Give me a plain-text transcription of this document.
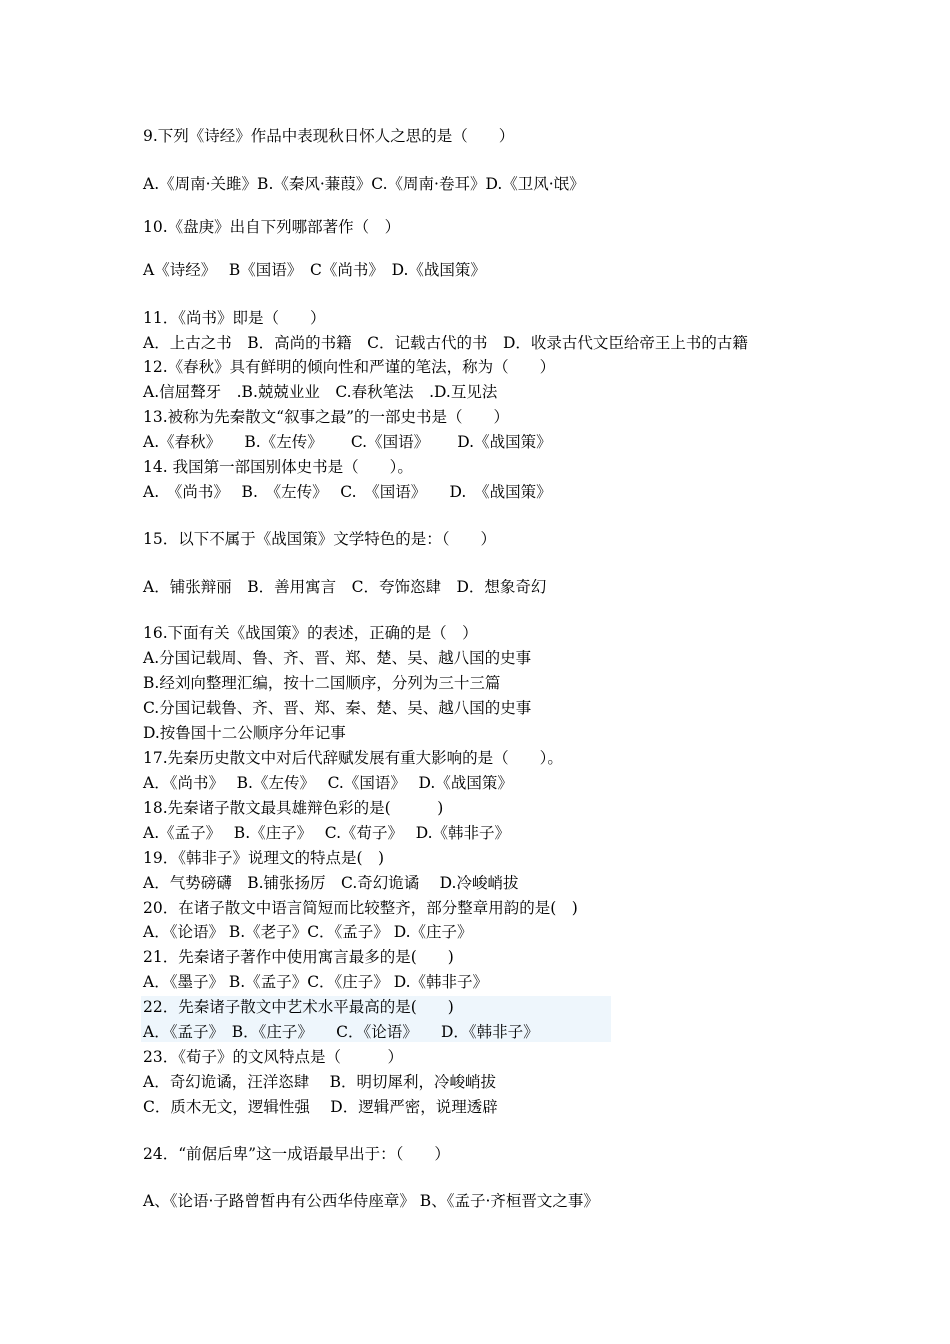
9.下列《诗经》作品中表现秋日怀人之思的是（　　）
A.《周南·关雎》B.《秦风·蒹葭》C.《周南·卷耳》D.《卫风·氓》
10.《盘庚》出自下列哪部著作（　）
A《诗经》　 B《国语》　C《尚书》　D.《战国策》
11．《尚书》即是（　　）
A．上古之书　B．高尚的书籍　C．记载古代的书　D．收录古代文臣给帝王上书的古籍
12.《春秋》具有鲜明的倾向性和严谨的笔法，称为（　　）
A.信屈聱牙　.B.兢兢业业　C.春秋笔法　.D.互见法
13.被称为先秦散文“叙事之最”的一部史书是（　　）
A.《春秋》　　B.《左传》　　 C.《国语》　　 D.《战国策》
14. 我国第一部国别体史书是（　　）。
A.　《尚书》　 B.　《左传》　 C.　《国语》　　D.　《战国策》
15．以下不属于《战国策》文学特色的是：（　　）
A．铺张辩丽　B．善用寓言　C．夸饰恣肆　D．想象奇幻
16.下面有关《战国策》的表述，正确的是（　）
A.分国记载周、鲁、齐、晋、郑、楚、吴、越八国的史事
B.经刘向整理汇编，按十二国顺序，分列为三十三篇
C.分国记载鲁、齐、晋、郑、秦、楚、吴、越八国的史事
D.按鲁国十二公顺序分年记事
17.先秦历史散文中对后代辞赋发展有重大影响的是（　　）。
A．《尚书》　 B.《左传》　 C.《国语》　 D.《战国策》
18.先秦诸子散文最具雄辩色彩的是(　　　)
A.《孟子》　 B.《庄子》　 C.《荀子》　 D.《韩非子》
19．《韩非子》说理文的特点是(　)
A．气势磅礴　B.铺张扬厉　C.奇幻诡谲　 D.冷峻峭拔
20．在诸子散文中语言简短而比较整齐，部分整章用韵的是(　)
A．《论语》 B.《老子》C．《孟子》 D.《庄子》
21．先秦诸子著作中使用寓言最多的是(　　)
A．《墨子》 B.《孟子》C．《庄子》 D.《韩非子》
22．先秦诸子散文中艺术水平最高的是(　　)
A．《孟子》　B．《庄子》　　C．《论语》　　D．《韩非子》
23．《荀子》的文风特点是（　　　）
A．奇幻诡谲，汪洋恣肆　 B．明切犀利，冷峻峭拔
C．质木无文，逻辑性强　 D．逻辑严密，说理透辟
24．“前倨后卑”这一成语最早出于：（　　）
A、《论语·子路曾皙冉有公西华侍座章》 B、《孟子·齐桓晋文之事》
